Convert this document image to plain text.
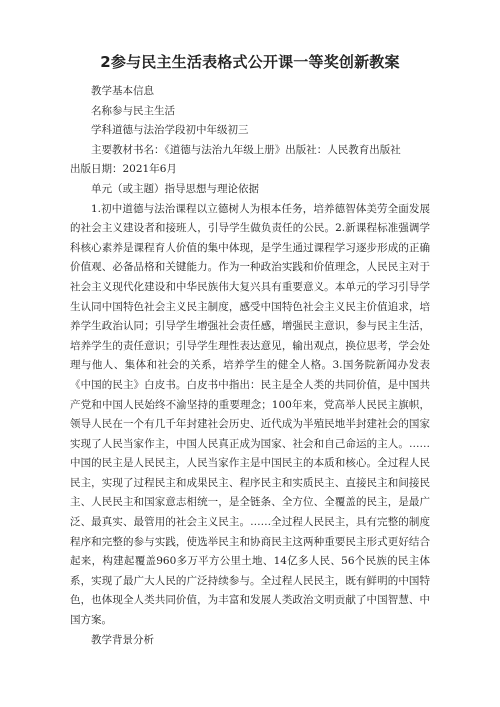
2参与民主生活表格式公开课一等奖创新教案

教学基本信息

名称参与民主生活

学科道德与法治学段初中年级初三

主要教材书名：《道德与法治九年级上册》出版社：人民教育出版社

出版日期：2021年6月

单元（或主题）指导思想与理论依据

1.初中道德与法治课程以立德树人为根本任务，培养德智体美劳全面发展的社会主义建设者和接班人，引导学生做负责任的公民。2.新课程标准强调学科核心素养是课程育人价值的集中体现，是学生通过课程学习逐步形成的正确价值观、必备品格和关键能力。作为一种政治实践和价值理念，人民民主对于社会主义现代化建设和中华民族伟大复兴具有重要意义。本单元的学习引导学生认同中国特色社会主义民主制度，感受中国特色社会主义民主价值追求，培养学生政治认同；引导学生增强社会责任感，增强民主意识，参与民主生活，培养学生的责任意识；引导学生理性表达意见，输出观点，换位思考，学会处理与他人、集体和社会的关系，培养学生的健全人格。3.国务院新闻办发表《中国的民主》白皮书。白皮书中指出：民主是全人类的共同价值，是中国共产党和中国人民始终不渝坚持的重要理念；100年来，党高举人民民主旗帜，领导人民在一个有几千年封建社会历史、近代成为半殖民地半封建社会的国家实现了人民当家作主，中国人民真正成为国家、社会和自己命运的主人。……中国的民主是人民民主，人民当家作主是中国民主的本质和核心。全过程人民民主，实现了过程民主和成果民主、程序民主和实质民主、直接民主和间接民主、人民民主和国家意志相统一，是全链条、全方位、全覆盖的民主，是最广泛、最真实、最管用的社会主义民主。……全过程人民民主，具有完整的制度程序和完整的参与实践，使选举民主和协商民主这两种重要民主形式更好结合起来，构建起覆盖960多万平方公里土地、14亿多人民、56个民族的民主体系，实现了最广大人民的广泛持续参与。全过程人民民主，既有鲜明的中国特色，也体现全人类共同价值，为丰富和发展人类政治文明贡献了中国智慧、中国方案。

教学背景分析
